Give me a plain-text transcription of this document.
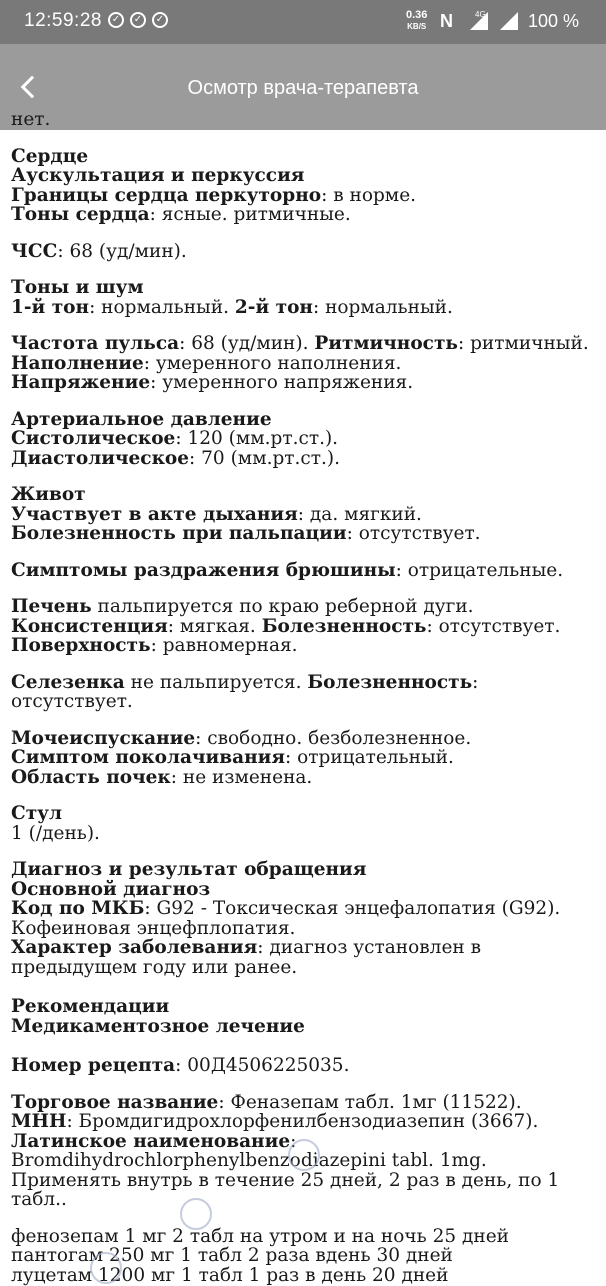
12:59:28 ✓	✓	✓	0.36
KB/S N	4G 100 %
Осмотр врача-терапевта
нет.
Сердце
Аускультация и перкуссия
Границы сердца перкуторно: в норме.
Тоны сердца: ясные. ритмичные.
ЧСС: 68 (уд/мин).
Тоны и шум
1-й тон: нормальный. 2-й тон: нормальный.
Частота пульса: 68 (уд/мин). Ритмичность: ритмичный.
Наполнение: умеренного наполнения.
Напряжение: умеренного напряжения.
Артериальное давление
Систолическое: 120 (мм.рт.ст.).
Диастолическое: 70 (мм.рт.ст.).
Живот
Участвует в акте дыхания: да. мягкий.
Болезненность при пальпации: отсутствует.
Симптомы раздражения брюшины: отрицательные.
Печень пальпируется по краю реберной дуги.
Консистенция: мягкая. Болезненность: отсутствует.
Поверхность: равномерная.
Селезенка не пальпируется. Болезненность: отсутствует.
Мочеиспускание: свободно. безболезненное.
Симптом поколачивания: отрицательный.
Область почек: не изменена.
Стул
1 (/день).
Диагноз и результат обращения
Основной диагноз
Код по МКБ: G92 - Токсическая энцефалопатия (G92).
Кофеиновая энцефплопатия.
Характер заболевания: диагноз установлен в
предыдущем году или ранее.
Рекомендации
Медикаментозное лечение
Номер рецепта: 00Д4506225035.
Торговое название: Феназепам табл. 1мг (11522).
МНН: Бромдигидрохлорфенилбензодиазепин (3667).
Латинское наименование:
Bromdihydrochlorphenylbenzodiazepini tabl. 1mg.
Применять внутрь в течение 25 дней, 2 раз в день, по 1
табл..
фенозепам 1 мг 2 табл на утром и на ночь 25 дней
пантогам 250 мг 1 табл 2 раза вдень 30 дней
луцетам 1200 мг 1 табл 1 раз в день 20 дней
